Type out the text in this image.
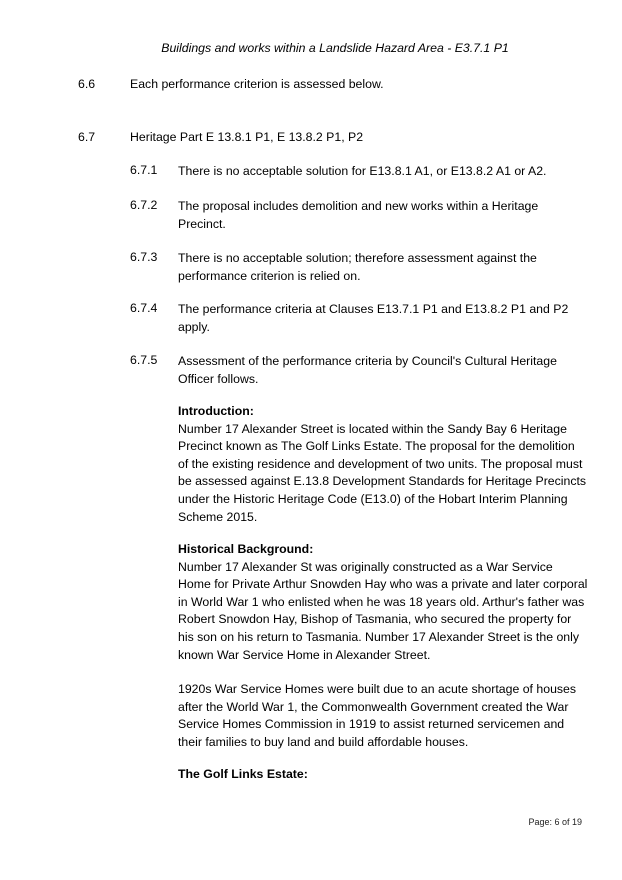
Buildings and works within a Landslide Hazard Area - E3.7.1 P1
6.6	Each performance criterion is assessed below.
6.7	Heritage Part E 13.8.1 P1, E 13.8.2 P1, P2
6.7.1 There is no acceptable solution for E13.8.1 A1, or E13.8.2 A1 or A2.
6.7.2 The proposal includes demolition and new works within a Heritage Precinct.
6.7.3 There is no acceptable solution; therefore assessment against the performance criterion is relied on.
6.7.4 The performance criteria at Clauses E13.7.1 P1 and E13.8.2 P1 and P2 apply.
6.7.5 Assessment of the performance criteria by Council's Cultural Heritage Officer follows.
Introduction:
Number 17 Alexander Street is located within the Sandy Bay 6 Heritage Precinct known as The Golf Links Estate. The proposal for the demolition of the existing residence and development of two units. The proposal must be assessed against E.13.8 Development Standards for Heritage Precincts under the Historic Heritage Code (E13.0) of the Hobart Interim Planning Scheme 2015.
Historical Background:
Number 17 Alexander St was originally constructed as a War Service Home for Private Arthur Snowden Hay who was a private and later corporal in World War 1 who enlisted when he was 18 years old. Arthur's father was Robert Snowdon Hay, Bishop of Tasmania, who secured the property for his son on his return to Tasmania. Number 17 Alexander Street is the only known War Service Home in Alexander Street.
1920s War Service Homes were built due to an acute shortage of houses after the World War 1, the Commonwealth Government created the War Service Homes Commission in 1919 to assist returned servicemen and their families to buy land and build affordable houses.
The Golf Links Estate:
Page: 6 of 19
